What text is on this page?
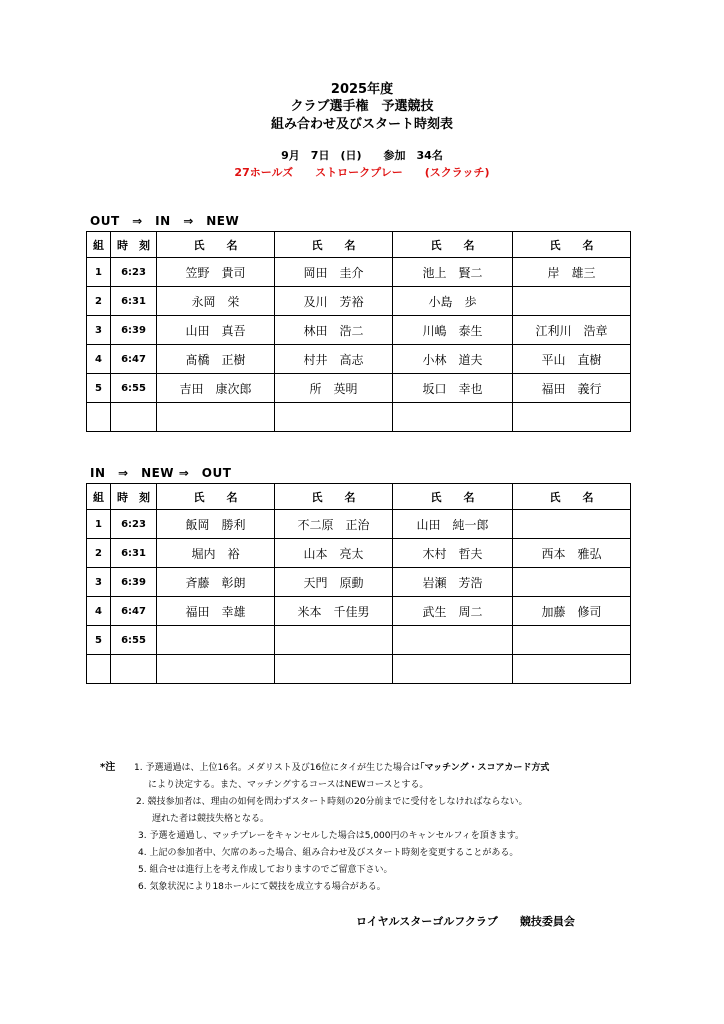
2025年度
クラブ選手権　予選競技
組み合わせ及びスタート時刻表
9月　7日　(日)　　参加　34名
27ホールズ　　ストロークプレー　　(スクラッチ)
OUT　⇒　IN　⇒　NEW
組	時　刻	氏　　名	氏　　名	氏　　名	氏　　名
1	6:23	笠野　貴司	岡田　圭介	池上　賢二	岸　雄三
2	6:31	永岡　栄	及川　芳裕	小島　歩	
3	6:39	山田　真吾	林田　浩二	川嶋　泰生	江利川　浩章
4	6:47	髙橋　正樹	村井　高志	小林　道夫	平山　直樹
5	6:55	吉田　康次郎	所　英明	坂口　幸也	福田　義行

IN　⇒　NEW ⇒　OUT
組	時　刻	氏　　名	氏　　名	氏　　名	氏　　名
1	6:23	飯岡　勝利	不二原　正治	山田　純一郎	
2	6:31	堀内　裕	山本　亮太	木村　哲夫	西本　雅弘
3	6:39	斉藤　彰朗	天門　原動	岩瀬　芳浩	
4	6:47	福田　幸雄	米本　千佳男	武生　周二	加藤　修司
5	6:55				

*注 1. 予選通過は、上位16名。メダリスト及び16位にタイが生じた場合は｢マッチング・スコアカード方式
により決定する。また、マッチングするコースはNEWコースとする。
2. 競技参加者は、理由の如何を問わずスタート時刻の20分前までに受付をしなければならない。
遅れた者は競技失格となる。
3. 予選を通過し、マッチプレーをキャンセルした場合は5,000円のキャンセルフィを頂きます。
4. 上記の参加者中、欠席のあった場合、組み合わせ及びスタート時刻を変更することがある。
5. 組合せは進行上を考え作成しておりますのでご留意下さい。
6. 気象状況により18ホールにて競技を成立する場合がある。
ロイヤルスターゴルフクラブ　　競技委員会
